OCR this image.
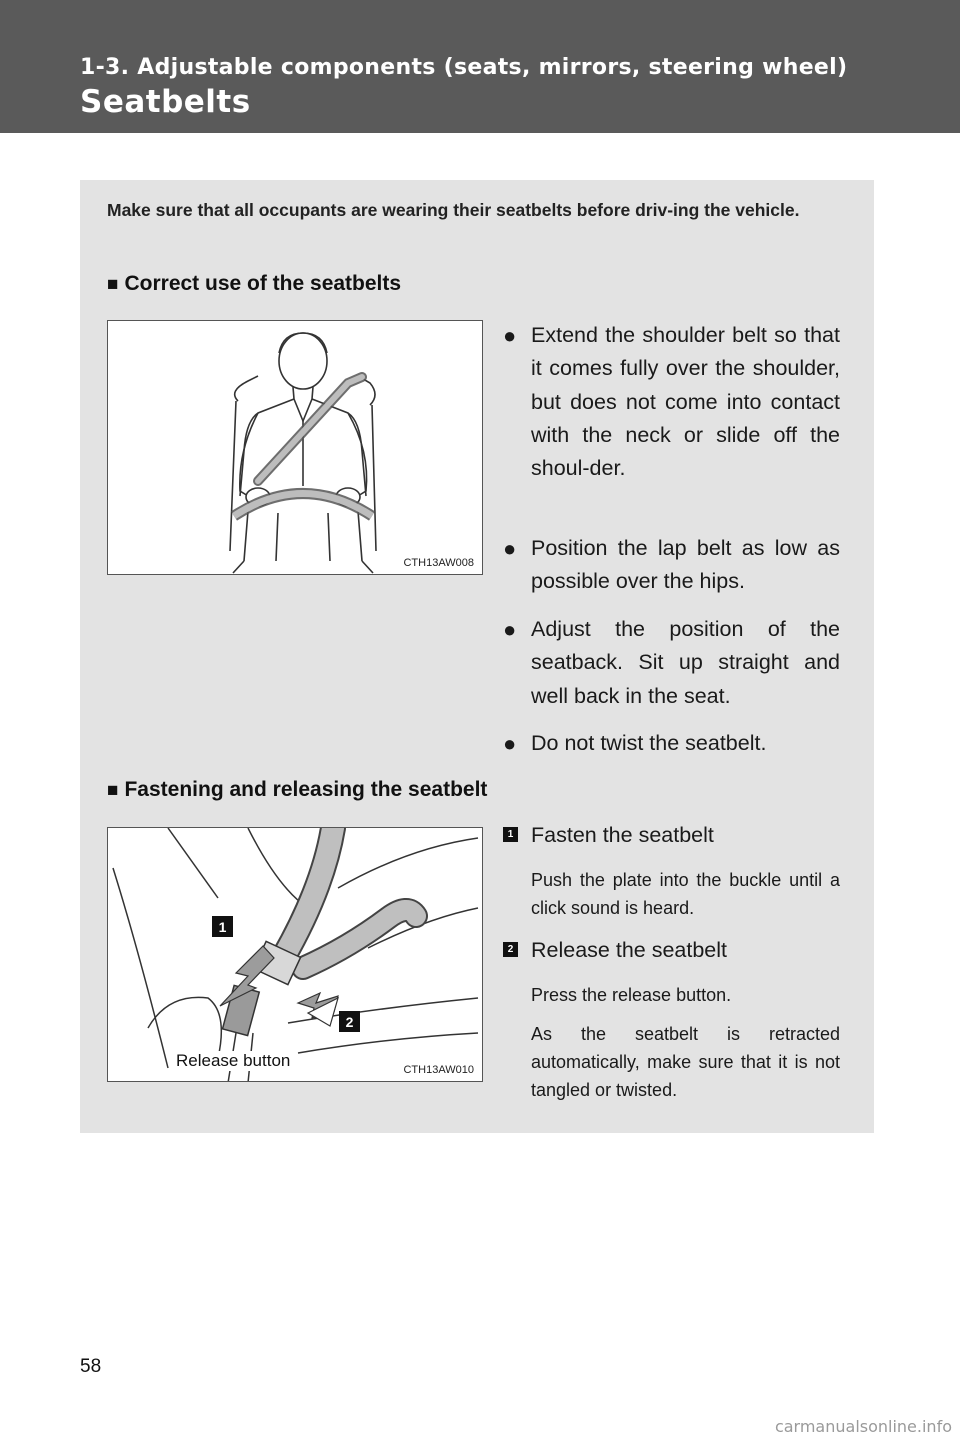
1-3. Adjustable components (seats, mirrors, steering wheel)
Seatbelts
Make sure that all occupants are wearing their seatbelts before driv-ing the vehicle.
■ Correct use of the seatbelts
CTH13AW008
● Extend the shoulder belt so that it comes fully over the shoulder, but does not come into contact with the neck or slide off the shoul-der.
● Position the lap belt as low as possible over the hips.
● Adjust the position of the seatback. Sit up straight and well back in the seat.
● Do not twist the seatbelt.
■ Fastening and releasing the seatbelt
1
2
Release button	CTH13AW010
1 Fasten the seatbelt
Push the plate into the buckle until a click sound is heard.
2 Release the seatbelt
Press the release button.
As the seatbelt is retracted automatically, make sure that it is not tangled or twisted.
58
carmanualsonline.info
